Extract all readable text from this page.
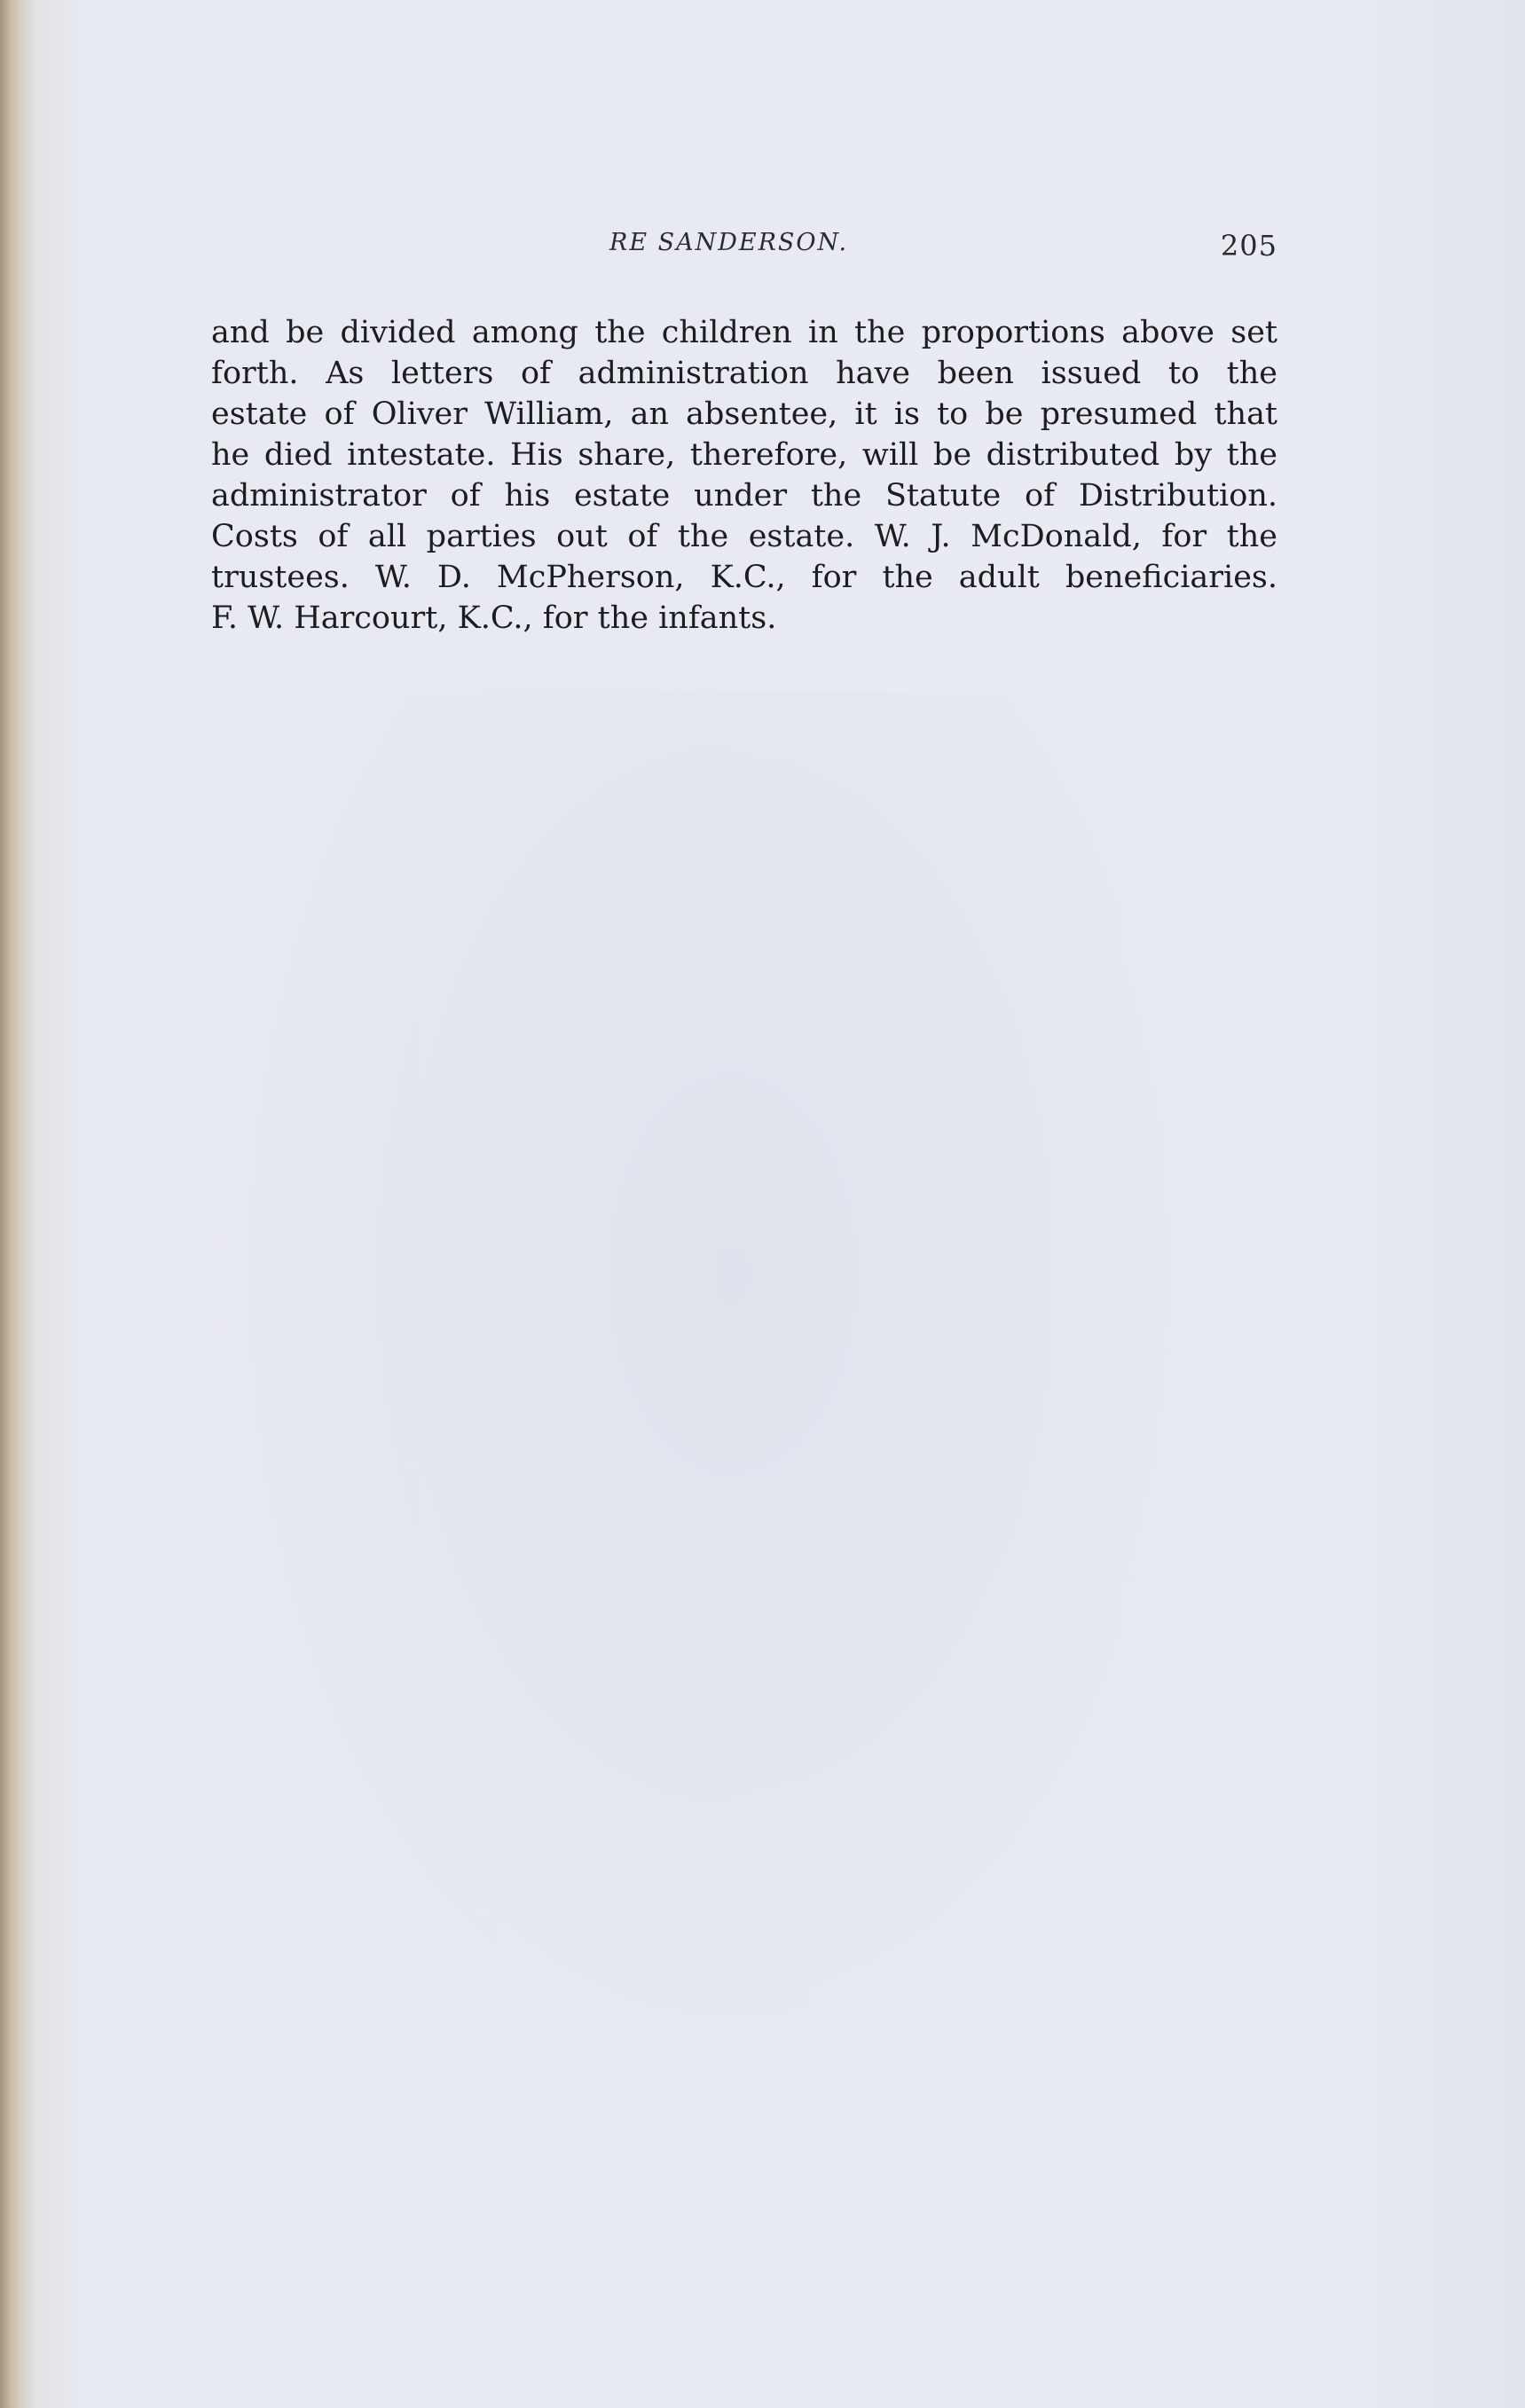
RE SANDERSON.	205

and be divided among the children in the proportions above set
forth. As letters of administration have been issued to the
estate of Oliver William, an absentee, it is to be presumed that
he died intestate. His share, therefore, will be distributed by the
administrator of his estate under the Statute of Distribution.
Costs of all parties out of the estate. W. J. McDonald, for the
trustees. W. D. McPherson, K.C., for the adult beneficiaries.
F. W. Harcourt, K.C., for the infants.
